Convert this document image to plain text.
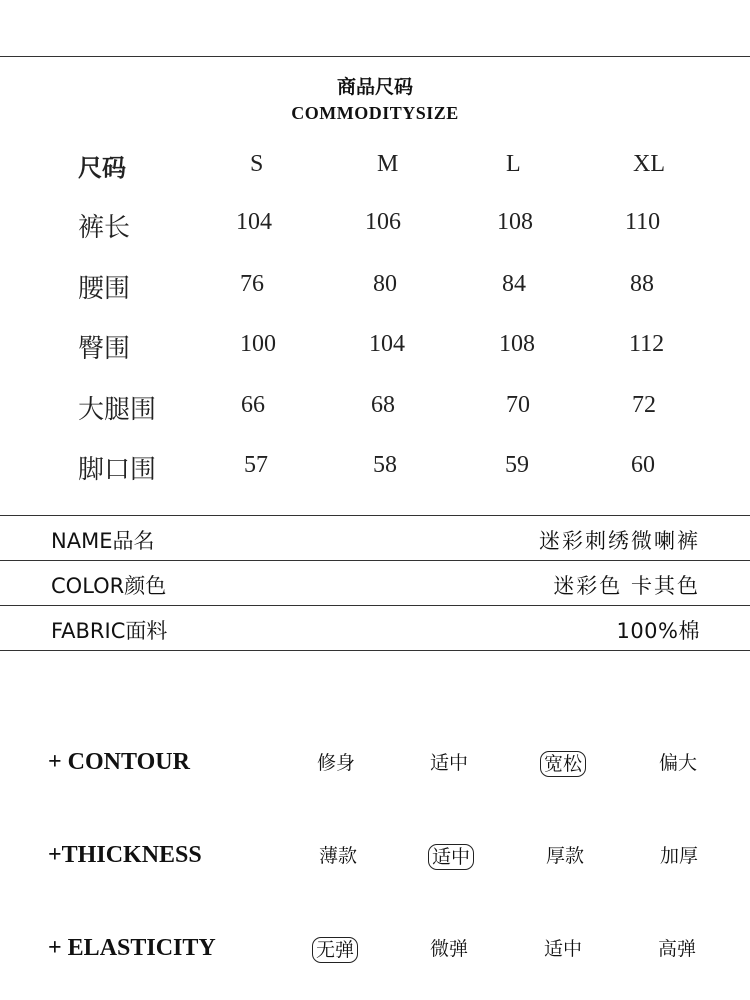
商品尺码
COMMODITYSIZE
尺码	S	M	L	XL
裤长	104	106	108	110
腰围	76	80	84	88
臀围	100	104	108	112
大腿围	66	68	70	72
脚口围	57	58	59	60
NAME品名	迷彩刺绣微喇裤
COLOR颜色	迷彩色 卡其色
FABRIC面料	100%棉
+ CONTOUR	修身	适中	宽松	偏大
+THICKNESS	薄款	适中	厚款	加厚
+ ELASTICITY	无弹	微弹	适中	高弹
